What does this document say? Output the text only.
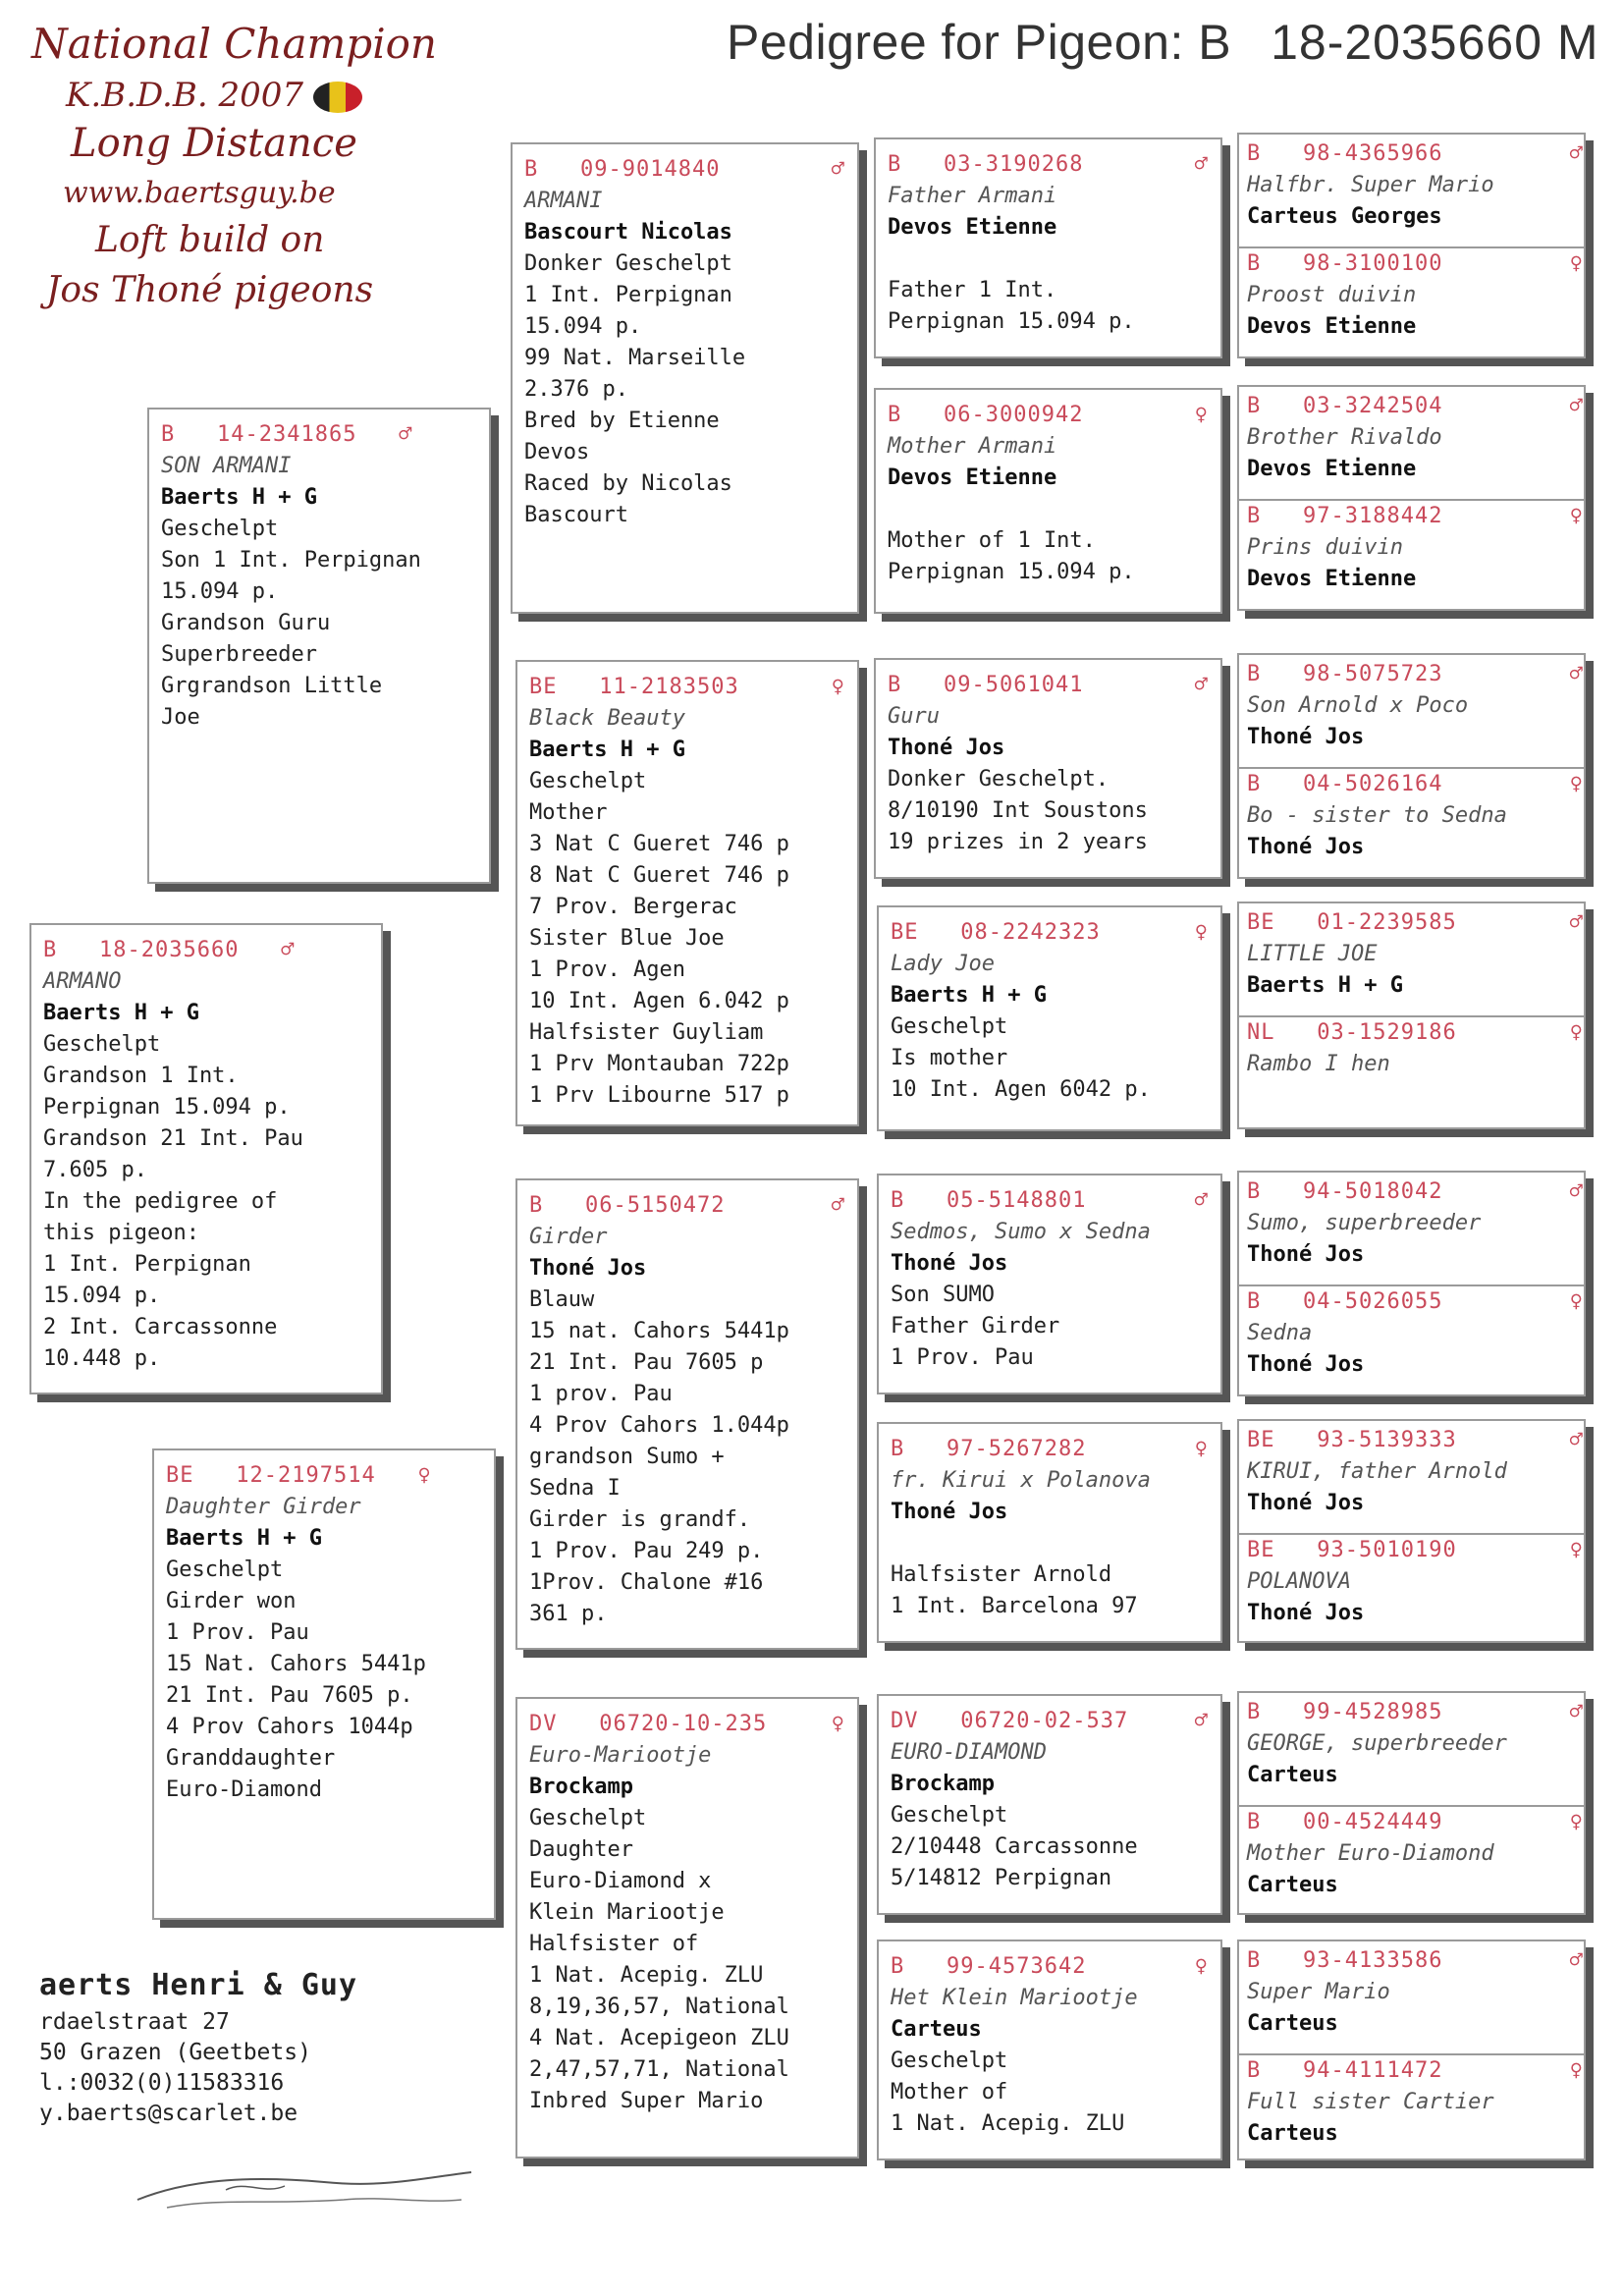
Pedigree for Pigeon: B 18-2035660 M
National Champion
K.B.D.B. 2007
Long Distance
www.baertsguy.be
Loft build on
Jos Thoné pigeons
B 18-2035660 ♂
ARMANO
Baerts H + G
Geschelpt
Grandson 1 Int.
Perpignan 15.094 p.
Grandson 21 Int. Pau
7.605 p.
In the pedigree of
this pigeon:
1 Int. Perpignan
15.094 p.
2 Int. Carcassonne
10.448 p.
B 14-2341865 ♂
SON ARMANI
Baerts H + G
Geschelpt
Son 1 Int. Perpignan
15.094 p.
Grandson Guru
Superbreeder
Grgrandson Little
Joe
BE 12-2197514 ♀
Daughter Girder
Baerts H + G
Geschelpt
Girder won
1 Prov. Pau
15 Nat. Cahors 5441p
21 Int. Pau 7605 p.
4 Prov Cahors 1044p
Granddaughter
Euro-Diamond
B 09-9014840	♂
ARMANI
Bascourt Nicolas
Donker Geschelpt
1 Int. Perpignan
15.094 p.
99 Nat. Marseille
2.376 p.
Bred by Etienne
Devos
Raced by Nicolas
Bascourt
BE 11-2183503	♀
Black Beauty
Baerts H + G
Geschelpt
Mother
3 Nat C Gueret 746 p
8 Nat C Gueret 746 p
7 Prov. Bergerac
Sister Blue Joe
1 Prov. Agen
10 Int. Agen 6.042 p
Halfsister Guyliam
1 Prv Montauban 722p
1 Prv Libourne 517 p
B 06-5150472	♂
Girder
Thoné Jos
Blauw
15 nat. Cahors 5441p
21 Int. Pau 7605 p
1 prov. Pau
4 Prov Cahors 1.044p
grandson Sumo +
Sedna I
Girder is grandf.
1 Prov. Pau 249 p.
1Prov. Chalone #16
361 p.
DV 06720-10-235	♀
Euro-Mariootje
Brockamp
Geschelpt
Daughter
Euro-Diamond x
Klein Mariootje
Halfsister of
1 Nat. Acepig. ZLU
8,19,36,57, National
4 Nat. Acepigeon ZLU
2,47,57,71, National
Inbred Super Mario
B 03-3190268	♂
Father Armani
Devos Etienne

Father 1 Int.
Perpignan 15.094 p.
B 06-3000942	♀
Mother Armani
Devos Etienne

Mother of 1 Int.
Perpignan 15.094 p.
B 09-5061041	♂
Guru
Thoné Jos
Donker Geschelpt.
8/10190 Int Soustons
19 prizes in 2 years
BE 08-2242323	♀
Lady Joe
Baerts H + G
Geschelpt
Is mother
10 Int. Agen 6042 p.
B 05-5148801	♂
Sedmos, Sumo x Sedna
Thoné Jos
Son SUMO
Father Girder
1 Prov. Pau
B 97-5267282	♀
fr. Kirui x Polanova
Thoné Jos

Halfsister Arnold
1 Int. Barcelona 97
DV 06720-02-537	♂
EURO-DIAMOND
Brockamp
Geschelpt
2/10448 Carcassonne
5/14812 Perpignan
B 99-4573642	♀
Het Klein Mariootje
Carteus
Geschelpt
Mother of
1 Nat. Acepig. ZLU
B 98-4365966	♂
Halfbr. Super Mario
Carteus Georges
B 98-3100100	♀
Proost duivin
Devos Etienne
B 03-3242504	♂
Brother Rivaldo
Devos Etienne
B 97-3188442	♀
Prins duivin
Devos Etienne
B 98-5075723	♂
Son Arnold x Poco
Thoné Jos
B 04-5026164	♀
Bo - sister to Sedna
Thoné Jos
BE 01-2239585	♂
LITTLE JOE
Baerts H + G
NL 03-1529186	♀
Rambo I hen
B 94-5018042	♂
Sumo, superbreeder
Thoné Jos
B 04-5026055	♀
Sedna
Thoné Jos
BE 93-5139333	♂
KIRUI, father Arnold
Thoné Jos
BE 93-5010190	♀
POLANOVA
Thoné Jos
B 99-4528985	♂
GEORGE, superbreeder
Carteus
B 00-4524449	♀
Mother Euro-Diamond
Carteus
B 93-4133586	♂
Super Mario
Carteus
B 94-4111472	♀
Full sister Cartier
Carteus
aerts Henri & Guy
rdaelstraat 27
50 Grazen (Geetbets)
l.:0032(0)11583316
y.baerts@scarlet.be
